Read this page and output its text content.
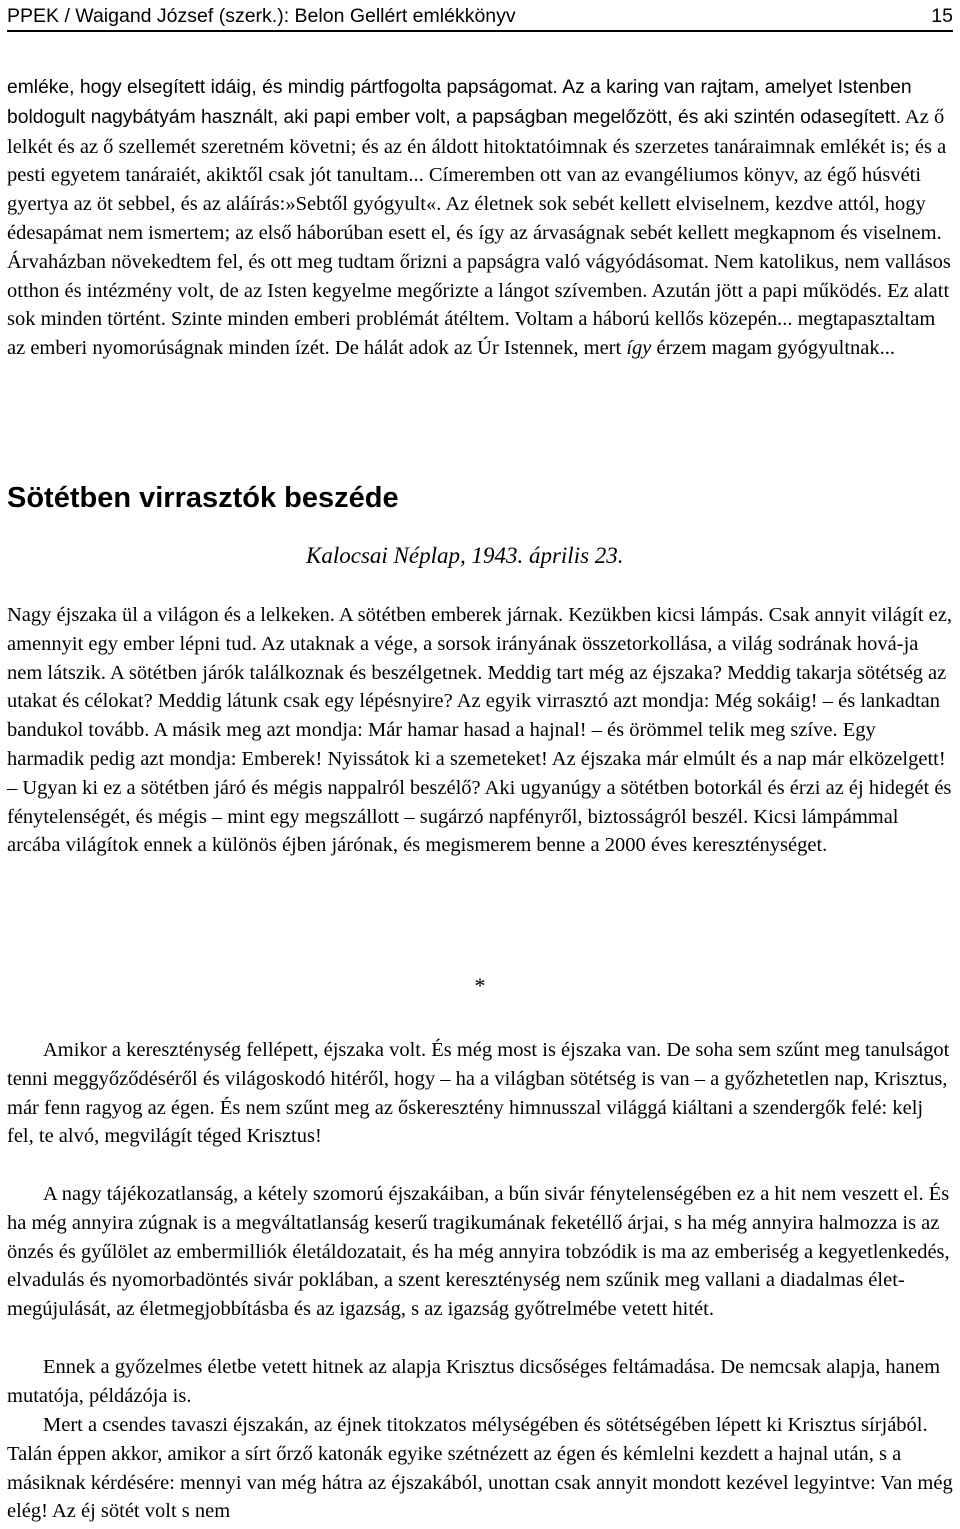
PPEK / Waigand József (szerk.): Belon Gellért emlékkönyv	15

emléke, hogy elsegített idáig, és mindig pártfogolta papságomat. Az a karing van rajtam, amelyet Istenben boldogult nagybátyám használt, aki papi ember volt, a papságban megelőzött, és aki szintén odasegített. Az ő lelkét és az ő szellemét szeretném követni; és az én áldott hitoktatóimnak és szerzetes tanáraimnak emlékét is; és a pesti egyetem tanáraiét, akiktől csak jót tanultam... Címeremben ott van az evangéliumos könyv, az égő húsvéti gyertya az öt sebbel, és az aláírás:»Sebtől gyógyult«. Az életnek sok sebét kellett elviselnem, kezdve attól, hogy édesapámat nem ismertem; az első háborúban esett el, és így az árvaságnak sebét kellett megkapnom és viselnem. Árvaházban növekedtem fel, és ott meg tudtam őrizni a papságra való vágyódásomat. Nem katolikus, nem vallásos otthon és intézmény volt, de az Isten kegyelme megőrizte a lángot szívemben. Azután jött a papi működés. Ez alatt sok minden történt. Szinte minden emberi problémát átéltem. Voltam a háború kellős közepén... megtapasztaltam az emberi nyomorúságnak minden ízét. De hálát adok az Úr Istennek, mert így érzem magam gyógyultnak...

Sötétben virrasztók beszéde

Kalocsai Néplap, 1943. április 23.

Nagy éjszaka ül a világon és a lelkeken. A sötétben emberek járnak. Kezükben kicsi lámpás. Csak annyit világít ez, amennyit egy ember lépni tud. Az utaknak a vége, a sorsok irányának összetorkollása, a világ sodrának hová-ja nem látszik. A sötétben járók találkoznak és beszélgetnek. Meddig tart még az éjszaka? Meddig takarja sötétség az utakat és célokat? Meddig látunk csak egy lépésnyire? Az egyik virrasztó azt mondja: Még sokáig! – és lankadtan bandukol tovább. A másik meg azt mondja: Már hamar hasad a hajnal! – és örömmel telik meg szíve. Egy harmadik pedig azt mondja: Emberek! Nyissátok ki a szemeteket! Az éjszaka már elmúlt és a nap már elközelgett! – Ugyan ki ez a sötétben járó és mégis nappalról beszélő? Aki ugyanúgy a sötétben botorkál és érzi az éj hidegét és fénytelenségét, és mégis – mint egy megszállott – sugárzó napfényről, biztosságról beszél. Kicsi lámpámmal arcába világítok ennek a különös éjben járónak, és megismerem benne a 2000 éves kereszténységet.

*

Amikor a kereszténység fellépett, éjszaka volt. És még most is éjszaka van. De soha sem szűnt meg tanulságot tenni meggyőződéséről és világoskodó hitéről, hogy – ha a világban sötétség is van – a győzhetetlen nap, Krisztus, már fenn ragyog az égen. És nem szűnt meg az őskeresztény himnusszal világgá kiáltani a szendergők felé: kelj fel, te alvó, megvilágít téged Krisztus!

A nagy tájékozatlanság, a kétely szomorú éjszakáiban, a bűn sivár fénytelenségében ez a hit nem veszett el. És ha még annyira zúgnak is a megváltatlanság keserű tragikumának feketéllő árjai, s ha még annyira halmozza is az önzés és gyűlölet az embermilliók életáldozatait, és ha még annyira tobzódik is ma az emberiség a kegyetlenkedés, elvadulás és nyomorbadöntés sivár poklában, a szent kereszténység nem szűnik meg vallani a diadalmas életmegújulását, az életmegjobbításba és az igazság, s az igazság győtrelmébe vetett hitét.

Ennek a győzelmes életbe vetett hitnek az alapja Krisztus dicsőséges feltámadása. De nemcsak alapja, hanem mutatója, példázója is.

Mert a csendes tavaszi éjszakán, az éjnek titokzatos mélységében és sötétségében lépett ki Krisztus sírjából. Talán éppen akkor, amikor a sírt őrző katonák egyike szétnézett az égen és kémlelni kezdett a hajnal után, s a másiknak kérdésére: mennyi van még hátra az éjszakából, unottan csak annyit mondott kezével legyintve: Van még elég! Az éj sötét volt s nem
